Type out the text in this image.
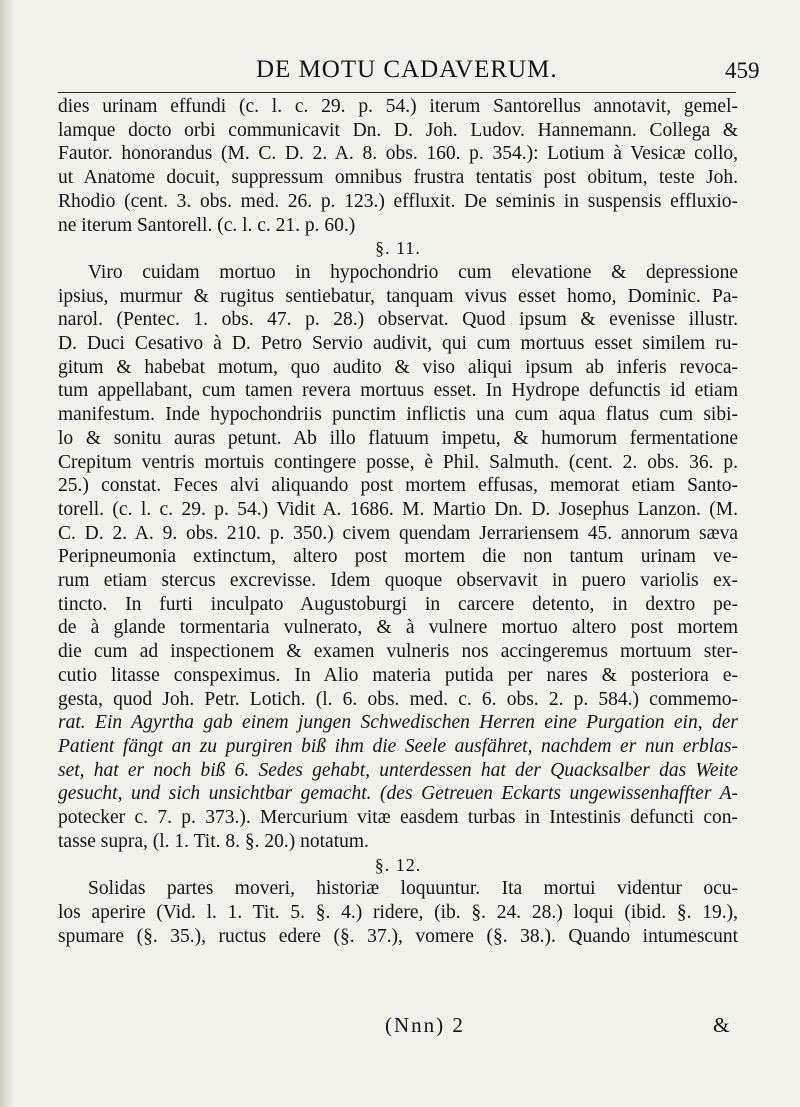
DE MOTU CADAVERUM.	459
dies urinam effundi (c. l. c. 29. p. 54.) iterum Santorellus annotavit, gemel-
lamque docto orbi communicavit Dn. D. Joh. Ludov. Hannemann. Collega &
Fautor. honorandus (M. C. D. 2. A. 8. obs. 160. p. 354.): Lotium à Vesicæ collo,
ut Anatome docuit, suppressum omnibus frustra tentatis post obitum, teste Joh.
Rhodio (cent. 3. obs. med. 26. p. 123.) effluxit. De seminis in suspensis effluxio-
ne iterum Santorell. (c. l. c. 21. p. 60.)
§. 11.
Viro cuidam mortuo in hypochondrio cum elevatione & depressione
ipsius, murmur & rugitus sentiebatur, tanquam vivus esset homo, Dominic. Pa-
narol. (Pentec. 1. obs. 47. p. 28.) observat. Quod ipsum & evenisse illustr.
D. Duci Cesativo à D. Petro Servio audivit, qui cum mortuus esset similem ru-
gitum & habebat motum, quo audito & viso aliqui ipsum ab inferis revoca-
tum appellabant, cum tamen revera mortuus esset. In Hydrope defunctis id etiam
manifestum. Inde hypochondriis punctim inflictis una cum aqua flatus cum sibi-
lo & sonitu auras petunt. Ab illo flatuum impetu, & humorum fermentatione
Crepitum ventris mortuis contingere posse, è Phil. Salmuth. (cent. 2. obs. 36. p.
25.) constat. Feces alvi aliquando post mortem effusas, memorat etiam Santo-
torell. (c. l. c. 29. p. 54.) Vidit A. 1686. M. Martio Dn. D. Josephus Lanzon. (M.
C. D. 2. A. 9. obs. 210. p. 350.) civem quendam Jerrariensem 45. annorum sæva
Peripneumonia extinctum, altero post mortem die non tantum urinam ve-
rum etiam stercus excrevisse. Idem quoque observavit in puero variolis ex-
tincto. In furti inculpato Augustoburgi in carcere detento, in dextro pe-
de à glande tormentaria vulnerato, & à vulnere mortuo altero post mortem
die cum ad inspectionem & examen vulneris nos accingeremus mortuum ster-
cutio litasse conspeximus. In Alio materia putida per nares & posteriora e-
gesta, quod Joh. Petr. Lotich. (l. 6. obs. med. c. 6. obs. 2. p. 584.) commemo-
rat. Ein Agyrtha gab einem jungen Schwedischen Herren eine Purgation ein, der
Patient fängt an zu purgiren biß ihm die Seele ausfähret, nachdem er nun erblas-
set, hat er noch biß 6. Sedes gehabt, unterdessen hat der Quacksalber das Weite
gesucht, und sich unsichtbar gemacht. (des Getreuen Eckarts ungewissenhaffter A-
potecker c. 7. p. 373.). Mercurium vitæ easdem turbas in Intestinis defuncti con-
tasse supra, (l. 1. Tit. 8. §. 20.) notatum.
§. 12.
Solidas partes moveri, historiæ loquuntur. Ita mortui videntur ocu-
los aperire (Vid. l. 1. Tit. 5. §. 4.) ridere, (ib. §. 24. 28.) loqui (ibid. §. 19.),
spumare (§. 35.), ructus edere (§. 37.), vomere (§. 38.). Quando intumescunt
(Nnn) 2	&
